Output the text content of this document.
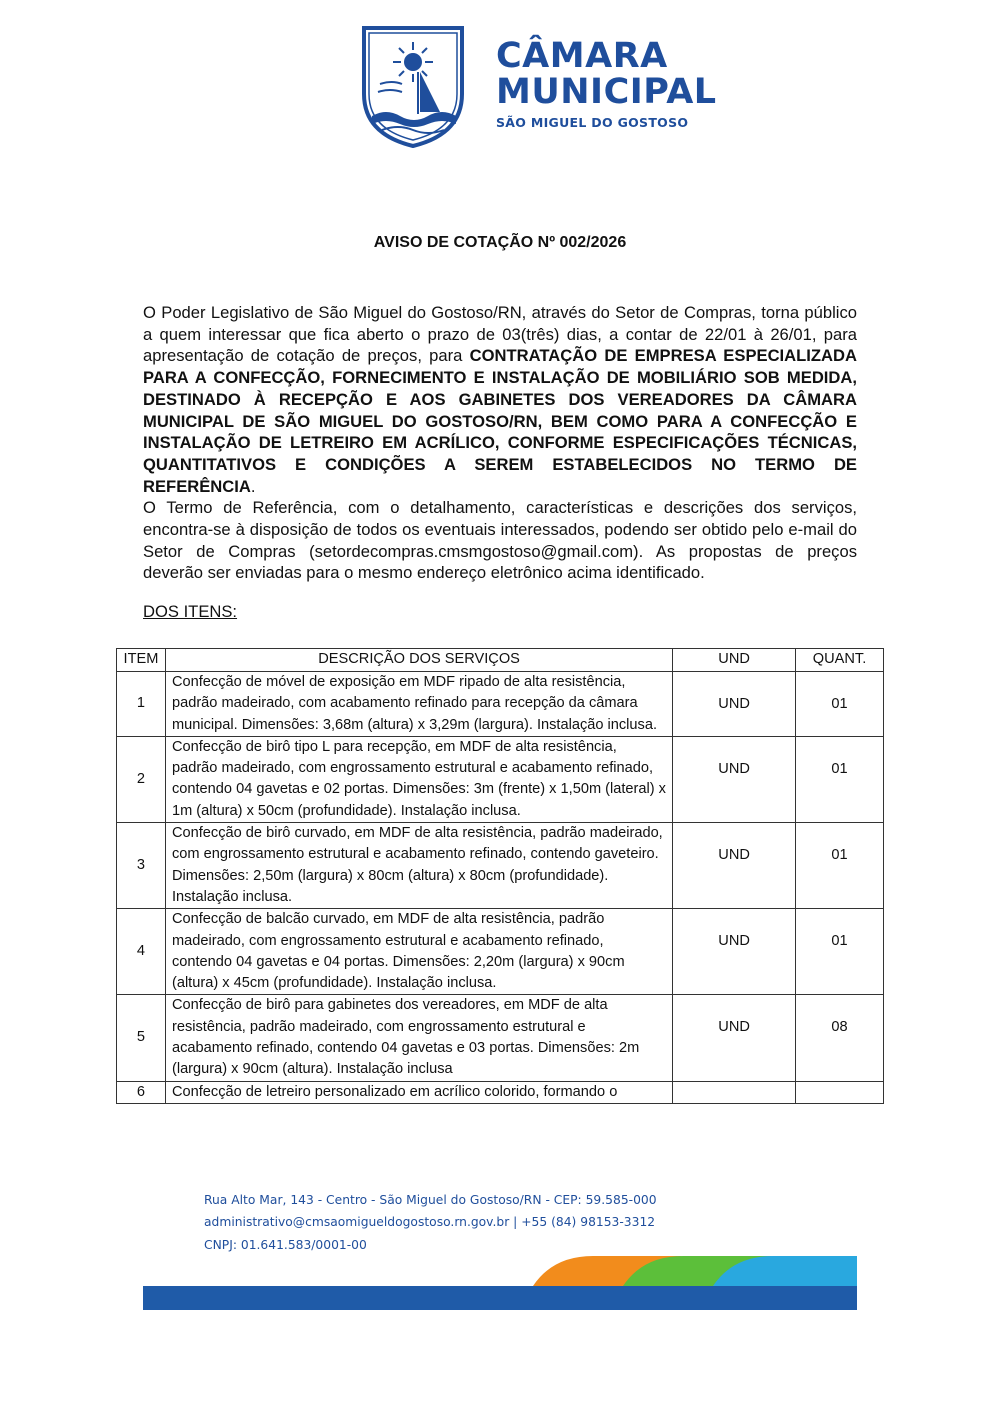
CÂMARA
MUNICIPAL
SÃO MIGUEL DO GOSTOSO
AVISO DE COTAÇÃO Nº 002/2026

O Poder Legislativo de São Miguel do Gostoso/RN, através do Setor de Compras, torna público a quem interessar que fica aberto o prazo de 03(três) dias, a contar de 22/01 à 26/01, para apresentação de cotação de preços, para CONTRATAÇÃO DE EMPRESA ESPECIALIZADA PARA A CONFECÇÃO, FORNECIMENTO E INSTALAÇÃO DE MOBILIÁRIO SOB MEDIDA, DESTINADO À RECEPÇÃO E AOS GABINETES DOS VEREADORES DA CÂMARA MUNICIPAL DE SÃO MIGUEL DO GOSTOSO/RN, BEM COMO PARA A CONFECÇÃO E INSTALAÇÃO DE LETREIRO EM ACRÍLICO, CONFORME ESPECIFICAÇÕES TÉCNICAS, QUANTITATIVOS E CONDIÇÕES A SEREM ESTABELECIDOS NO TERMO DE REFERÊNCIA.

O Termo de Referência, com o detalhamento, características e descrições dos serviços, encontra-se à disposição de todos os eventuais interessados, podendo ser obtido pelo e-mail do Setor de Compras (setordecompras.cmsmgostoso@gmail.com). As propostas de preços deverão ser enviadas para o mesmo endereço eletrônico acima identificado.

DOS ITENS:
ITEM	DESCRIÇÃO DOS SERVIÇOS	UND	QUANT.
1	Confecção de móvel de exposição em MDF ripado de alta resistência, padrão madeirado, com acabamento refinado para recepção da câmara municipal. Dimensões: 3,68m (altura) x 3,29m (largura). Instalação inclusa.	UND	01
2	Confecção de birô tipo L para recepção, em MDF de alta resistência, padrão madeirado, com engrossamento estrutural e acabamento refinado, contendo 04 gavetas e 02 portas. Dimensões: 3m (frente) x 1,50m (lateral) x 1m (altura) x 50cm (profundidade). Instalação inclusa.	UND	01
3	Confecção de birô curvado, em MDF de alta resistência, padrão madeirado, com engrossamento estrutural e acabamento refinado, contendo gaveteiro. Dimensões: 2,50m (largura) x 80cm (altura) x 80cm (profundidade). Instalação inclusa.	UND	01
4	Confecção de balcão curvado, em MDF de alta resistência, padrão madeirado, com engrossamento estrutural e acabamento refinado, contendo 04 gavetas e 04 portas. Dimensões: 2,20m (largura) x 90cm (altura) x 45cm (profundidade). Instalação inclusa.	UND	01
5	Confecção de birô para gabinetes dos vereadores, em MDF de alta resistência, padrão madeirado, com engrossamento estrutural e acabamento refinado, contendo 04 gavetas e 03 portas. Dimensões: 2m (largura) x 90cm (altura). Instalação inclusa	UND	08
6	Confecção de letreiro personalizado em acrílico colorido, formando o		
Rua Alto Mar, 143 - Centro - São Miguel do Gostoso/RN - CEP: 59.585-000
administrativo@cmsaomigueldogostoso.rn.gov.br | +55 (84) 98153-3312
CNPJ: 01.641.583/0001-00
